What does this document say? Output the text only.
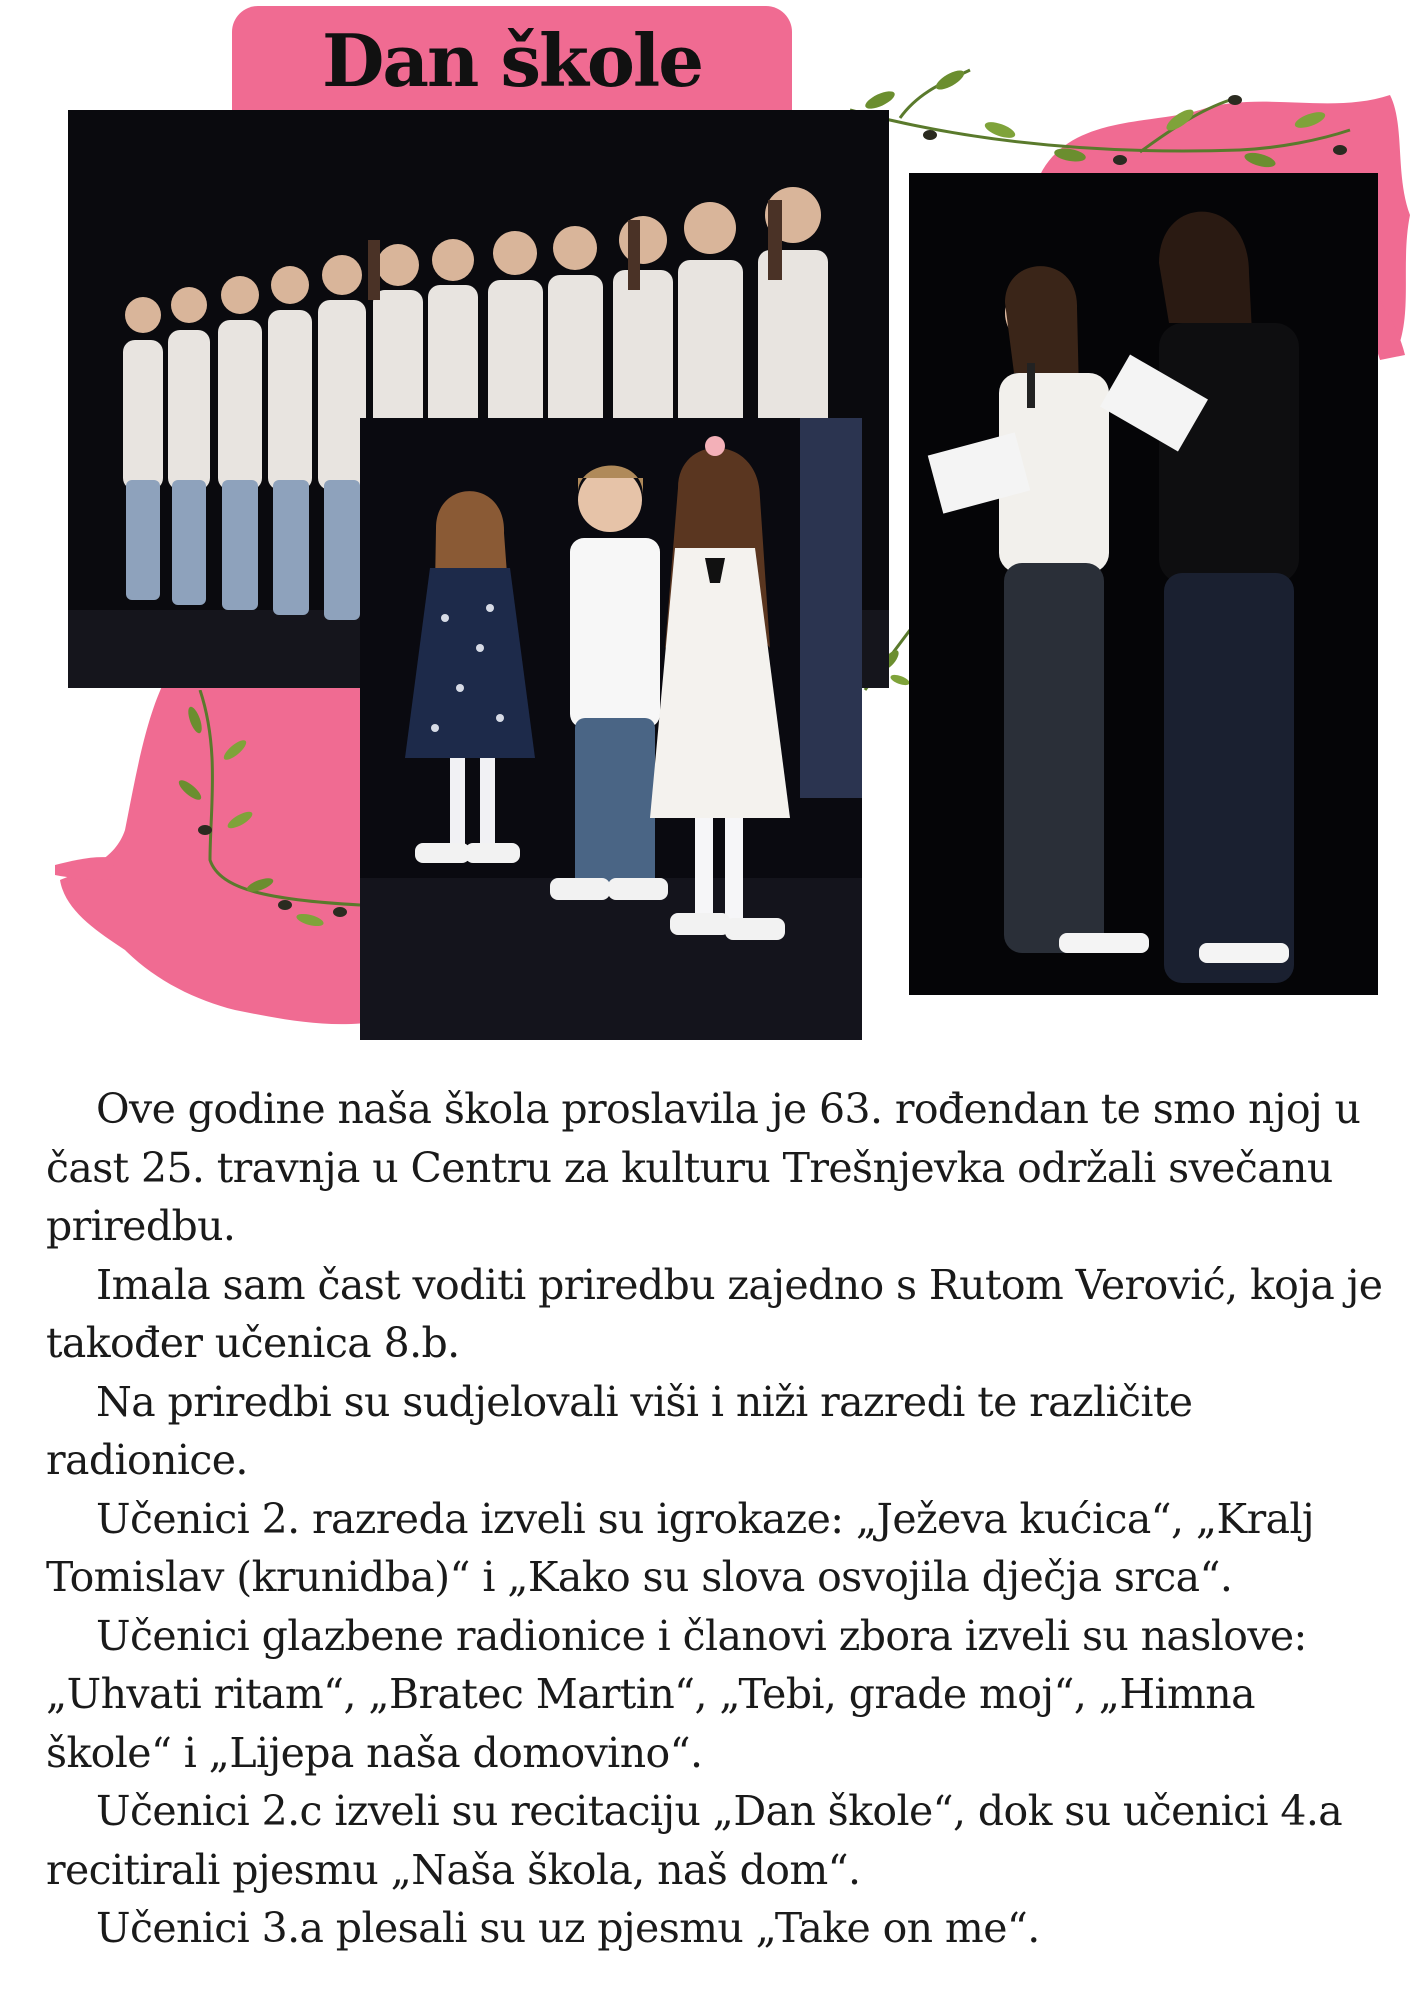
Dan škole

Ove godine naša škola proslavila je 63. rođendan te smo njoj u čast 25. travnja u Centru za kulturu Trešnjevka održali svečanu priredbu.

Imala sam čast voditi priredbu zajedno s Rutom Verović, koja je također učenica 8.b.

Na priredbi su sudjelovali viši i niži razredi te različite radionice.

Učenici 2. razreda izveli su igrokaze: „Ježeva kućica“, „Kralj Tomislav (krunidba)“ i „Kako su slova osvojila dječja srca“.

Učenici glazbene radionice i članovi zbora izveli su naslove: „Uhvati ritam“, „Bratec Martin“, „Tebi, grade moj“, „Himna škole“ i „Lijepa naša domovino“.

Učenici 2.c izveli su recitaciju „Dan škole“, dok su učenici 4.a recitirali pjesmu „Naša škola, naš dom“.

Učenici 3.a plesali su uz pjesmu „Take on me“.
